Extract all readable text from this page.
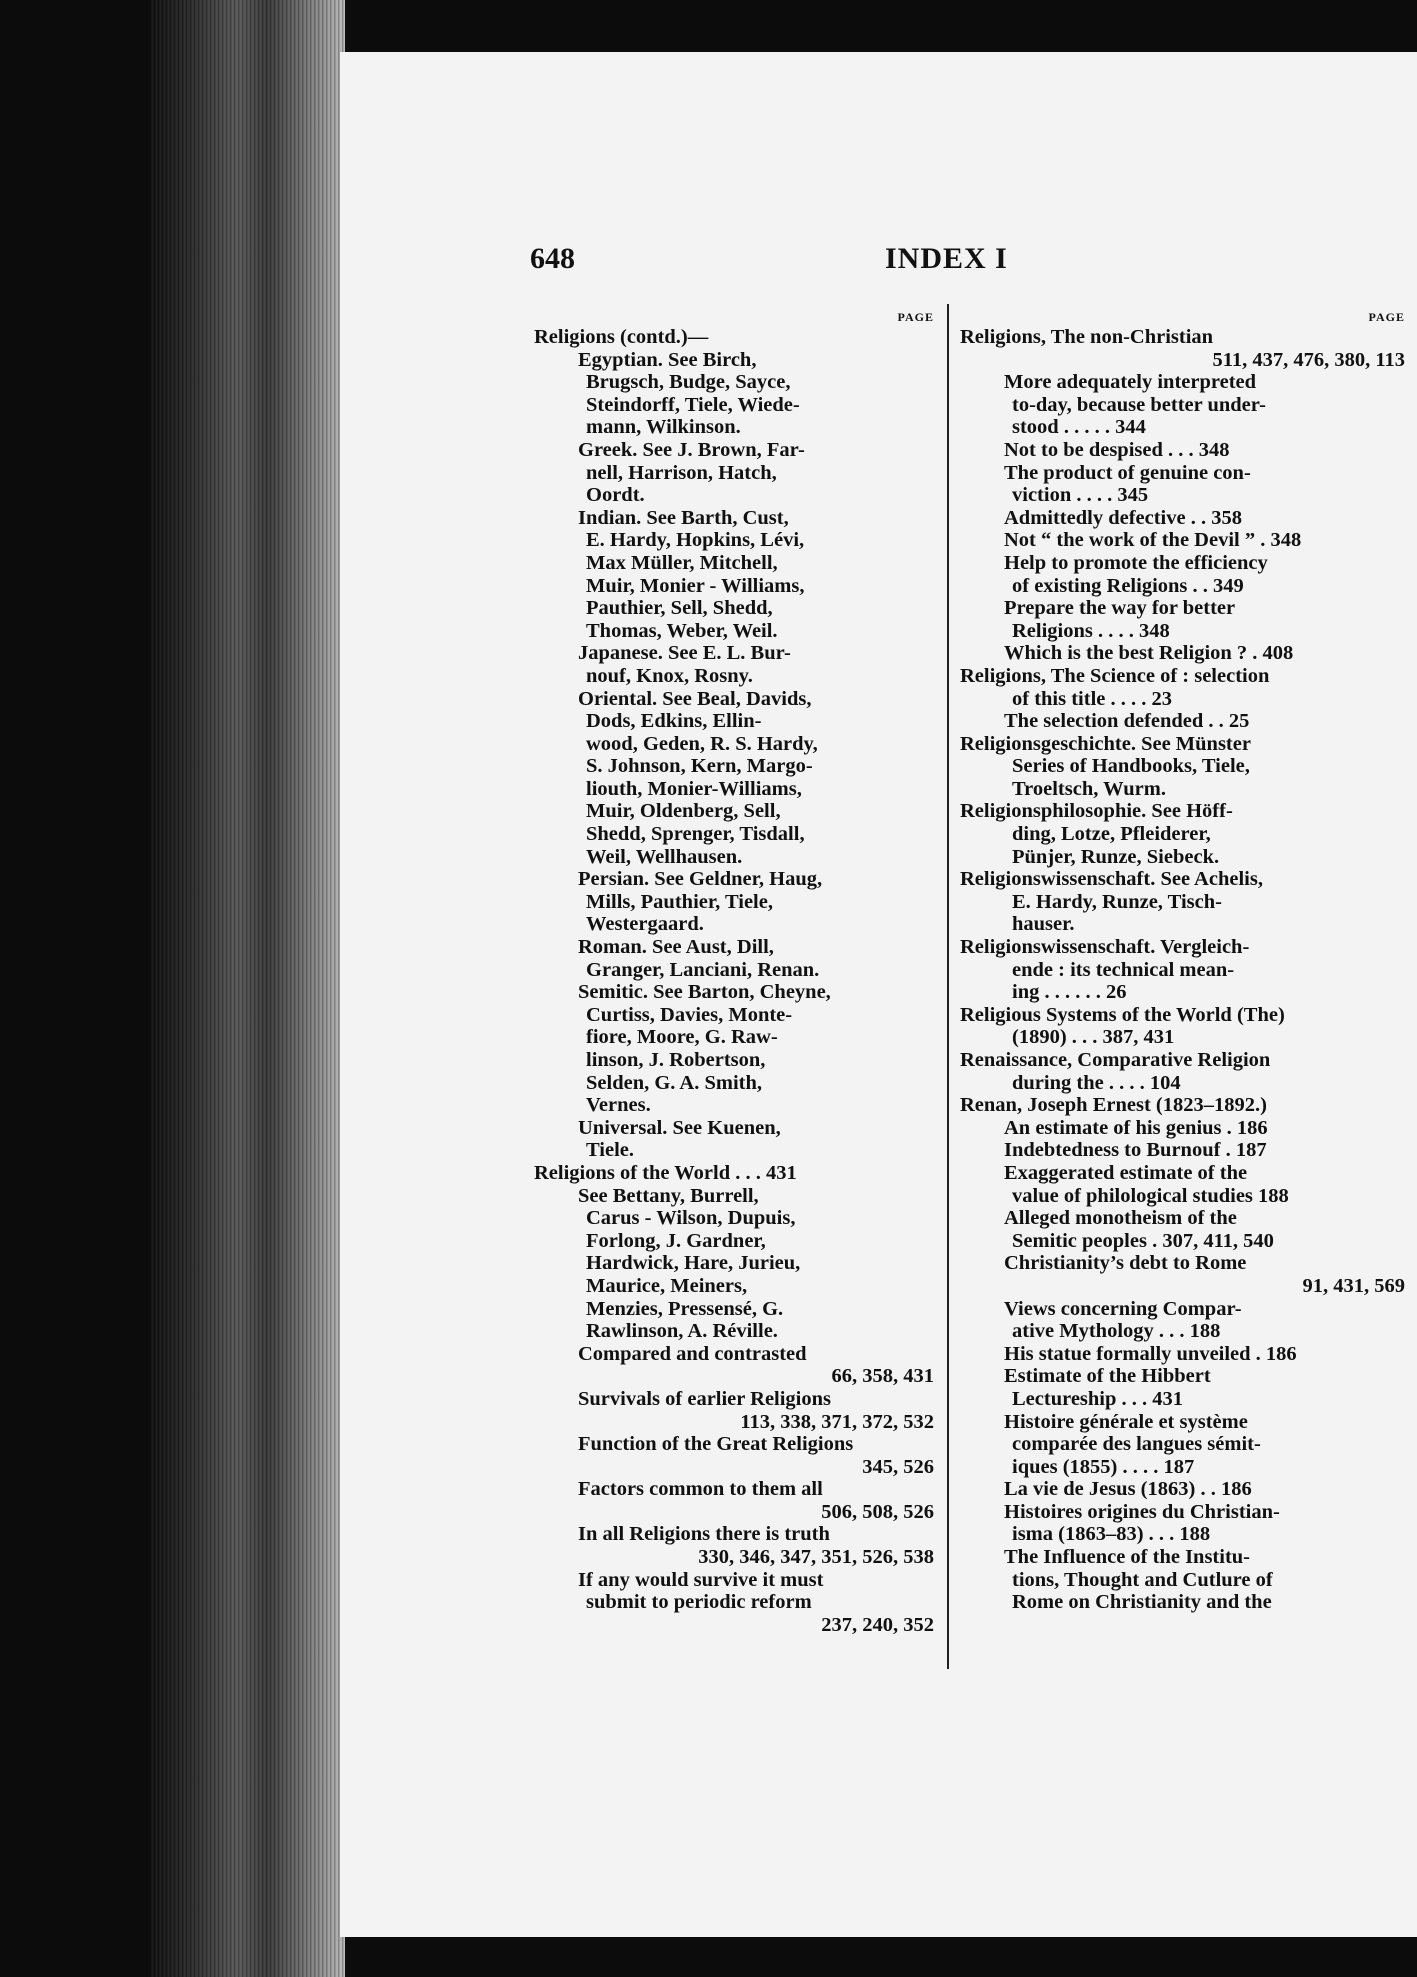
648	INDEX I
PAGE
Religions (contd.)—
Egyptian. See Birch,
Brugsch, Budge, Sayce,
Steindorff, Tiele, Wiede-
mann, Wilkinson.
Greek. See J. Brown, Far-
nell, Harrison, Hatch,
Oordt.
Indian. See Barth, Cust,
E. Hardy, Hopkins, Lévi,
Max Müller, Mitchell,
Muir, Monier - Williams,
Pauthier, Sell, Shedd,
Thomas, Weber, Weil.
Japanese. See E. L. Bur-
nouf, Knox, Rosny.
Oriental. See Beal, Davids,
Dods, Edkins, Ellin-
wood, Geden, R. S. Hardy,
S. Johnson, Kern, Margo-
liouth, Monier-Williams,
Muir, Oldenberg, Sell,
Shedd, Sprenger, Tisdall,
Weil, Wellhausen.
Persian. See Geldner, Haug,
Mills, Pauthier, Tiele,
Westergaard.
Roman. See Aust, Dill,
Granger, Lanciani, Renan.
Semitic. See Barton, Cheyne,
Curtiss, Davies, Monte-
fiore, Moore, G. Raw-
linson, J. Robertson,
Selden, G. A. Smith,
Vernes.
Universal. See Kuenen,
Tiele.
Religions of the World . . . 431
See Bettany, Burrell,
Carus - Wilson, Dupuis,
Forlong, J. Gardner,
Hardwick, Hare, Jurieu,
Maurice, Meiners,
Menzies, Pressensé, G.
Rawlinson, A. Réville.
Compared and contrasted
66, 358, 431
Survivals of earlier Religions
113, 338, 371, 372, 532
Function of the Great Religions
345, 526
Factors common to them all
506, 508, 526
In all Religions there is truth
330, 346, 347, 351, 526, 538
If any would survive it must
submit to periodic reform
237, 240, 352
PAGE
Religions, The non-Christian
511, 437, 476, 380, 113
More adequately interpreted
to-day, because better under-
stood . . . . . 344
Not to be despised . . . 348
The product of genuine con-
viction . . . . 345
Admittedly defective . . 358
Not “ the work of the Devil ” . 348
Help to promote the efficiency
of existing Religions . . 349
Prepare the way for better
Religions . . . . 348
Which is the best Religion ? . 408
Religions, The Science of : selection
of this title . . . . 23
The selection defended . . 25
Religionsgeschichte. See Münster
Series of Handbooks, Tiele,
Troeltsch, Wurm.
Religionsphilosophie. See Höff-
ding, Lotze, Pfleiderer,
Pünjer, Runze, Siebeck.
Religionswissenschaft. See Achelis,
E. Hardy, Runze, Tisch-
hauser.
Religionswissenschaft. Vergleich-
ende : its technical mean-
ing . . . . . . 26
Religious Systems of the World (The)
(1890) . . . 387, 431
Renaissance, Comparative Religion
during the . . . . 104
Renan, Joseph Ernest (1823–1892.)
An estimate of his genius . 186
Indebtedness to Burnouf . 187
Exaggerated estimate of the
value of philological studies 188
Alleged monotheism of the
Semitic peoples . 307, 411, 540
Christianity’s debt to Rome
91, 431, 569
Views concerning Compar-
ative Mythology . . . 188
His statue formally unveiled . 186
Estimate of the Hibbert
Lectureship . . . 431
Histoire générale et système
comparée des langues sémit-
iques (1855) . . . . 187
La vie de Jesus (1863) . . 186
Histoires origines du Christian-
isma (1863–83) . . . 188
The Influence of the Institu-
tions, Thought and Cutlure of
Rome on Christianity and the
